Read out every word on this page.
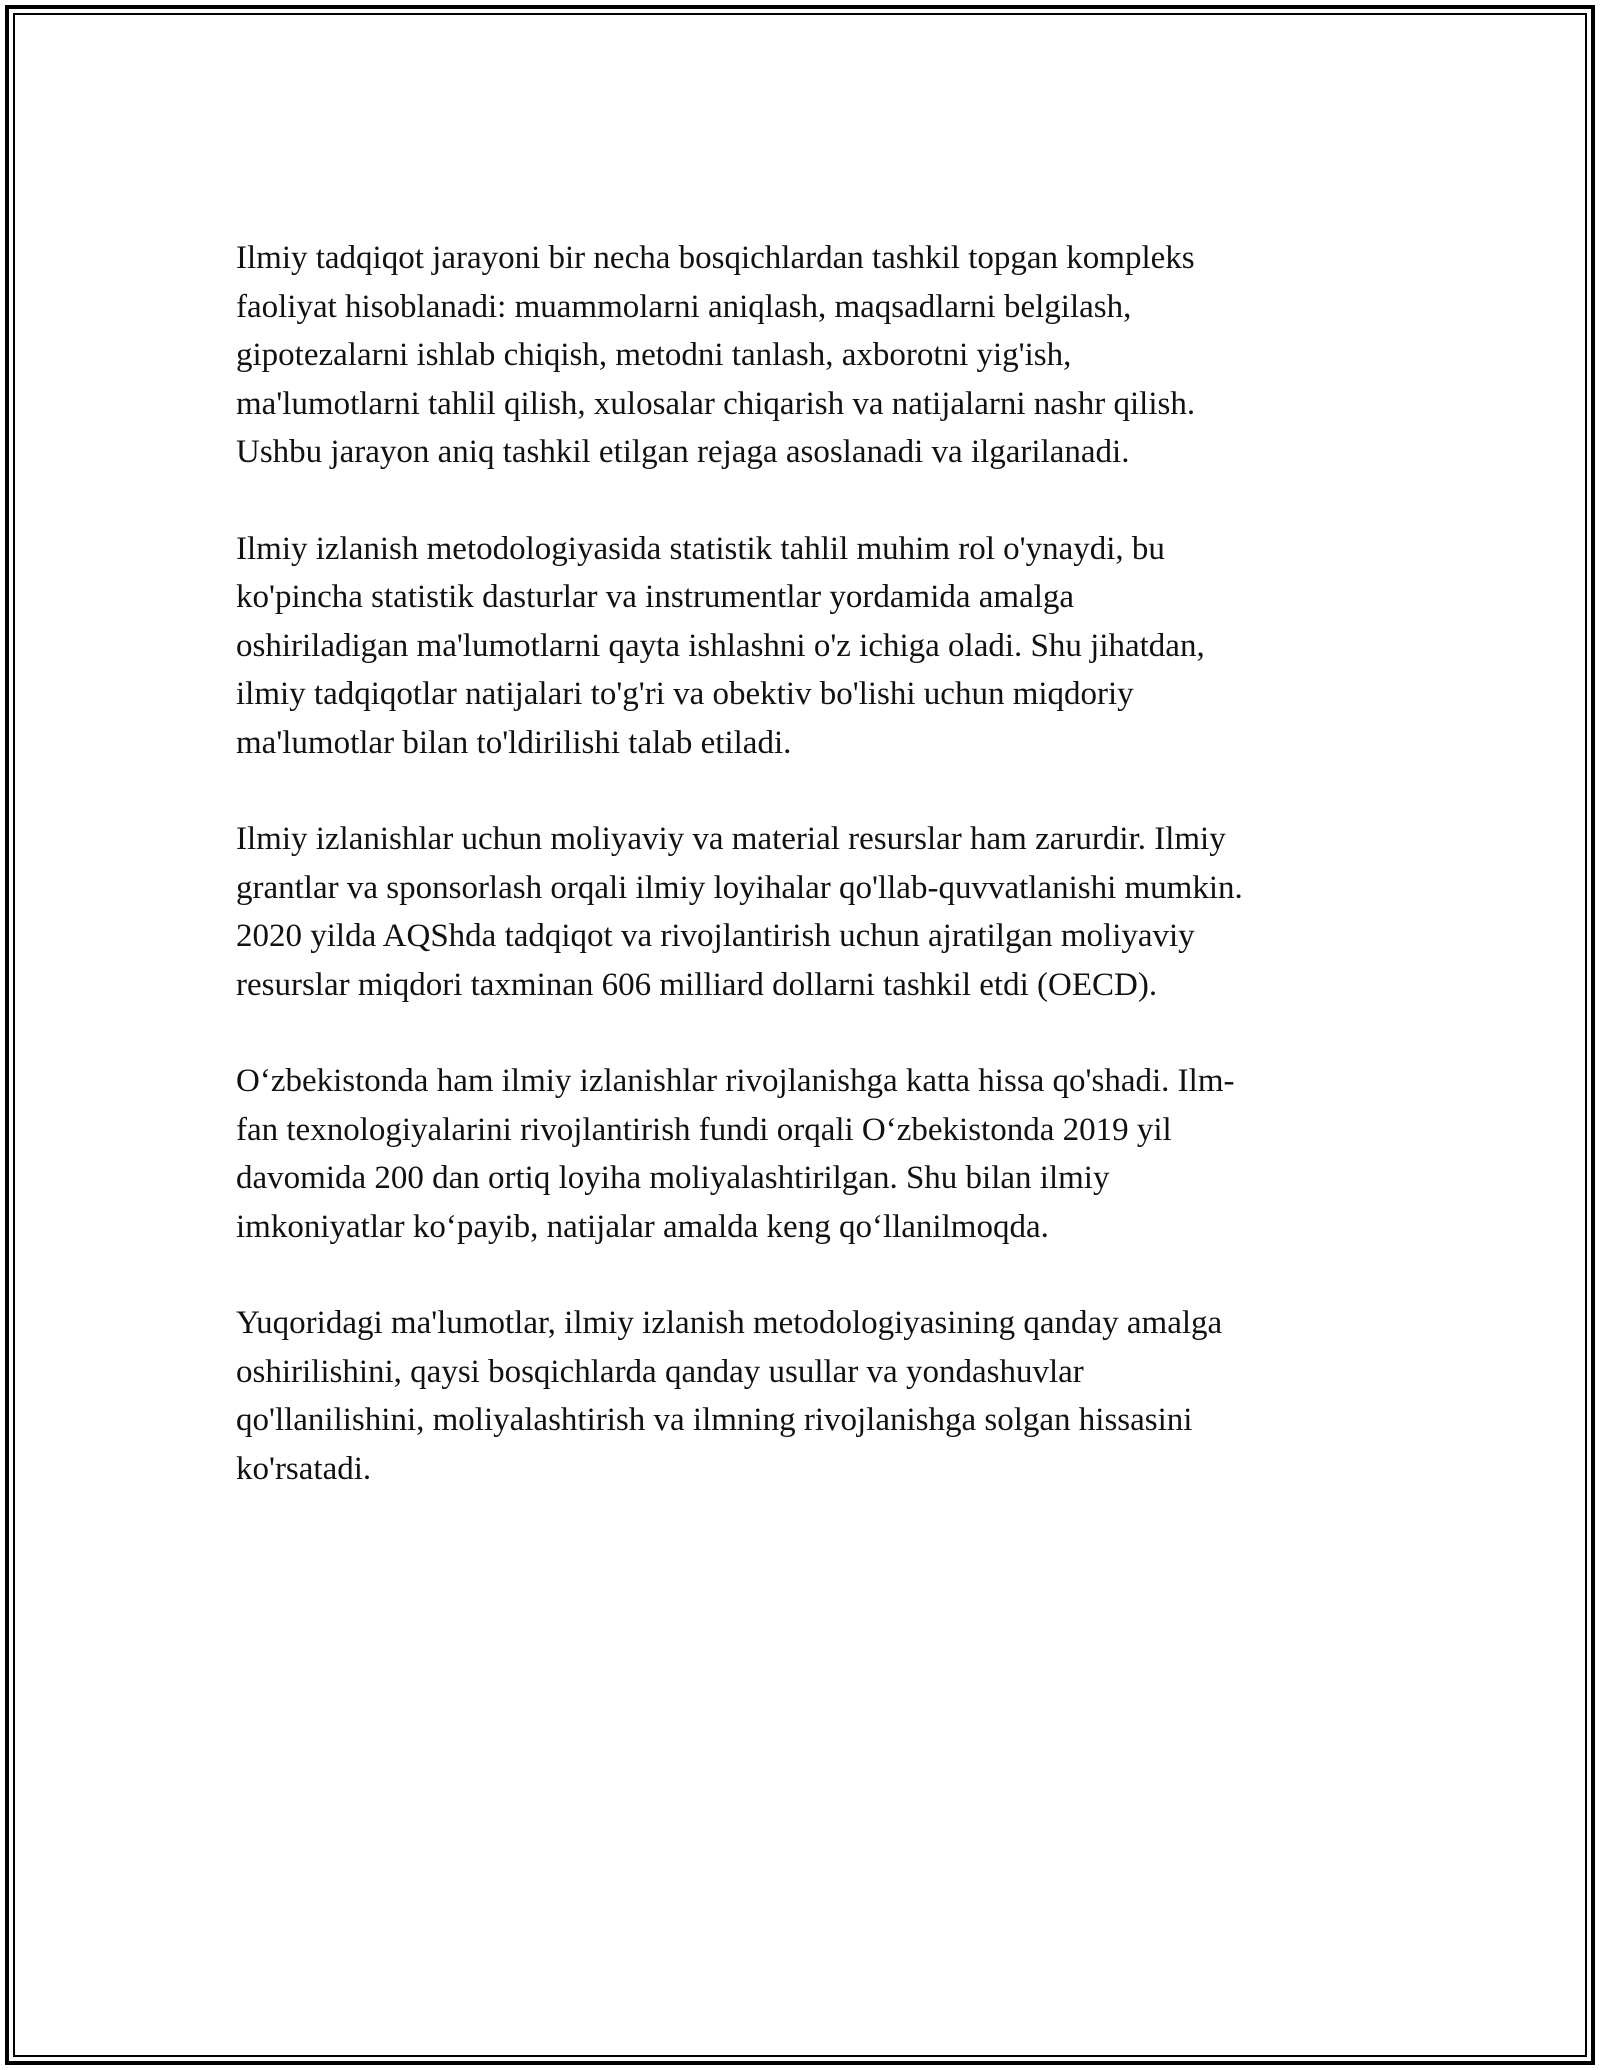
Ilmiy tadqiqot jarayoni bir necha bosqichlardan tashkil topgan kompleks
faoliyat hisoblanadi: muammolarni aniqlash, maqsadlarni belgilash,
gipotezalarni ishlab chiqish, metodni tanlash, axborotni yig'ish,
ma'lumotlarni tahlil qilish, xulosalar chiqarish va natijalarni nashr qilish.
Ushbu jarayon aniq tashkil etilgan rejaga asoslanadi va ilgarilanadi.

Ilmiy izlanish metodologiyasida statistik tahlil muhim rol o'ynaydi, bu
ko'pincha statistik dasturlar va instrumentlar yordamida amalga
oshiriladigan ma'lumotlarni qayta ishlashni o'z ichiga oladi. Shu jihatdan,
ilmiy tadqiqotlar natijalari to'g'ri va obektiv bo'lishi uchun miqdoriy
ma'lumotlar bilan to'ldirilishi talab etiladi.

Ilmiy izlanishlar uchun moliyaviy va material resurslar ham zarurdir. Ilmiy
grantlar va sponsorlash orqali ilmiy loyihalar qo'llab-quvvatlanishi mumkin.
2020 yilda AQShda tadqiqot va rivojlantirish uchun ajratilgan moliyaviy
resurslar miqdori taxminan 606 milliard dollarni tashkil etdi (OECD).

O‘zbekistonda ham ilmiy izlanishlar rivojlanishga katta hissa qo'shadi. Ilm-
fan texnologiyalarini rivojlantirish fundi orqali O‘zbekistonda 2019 yil
davomida 200 dan ortiq loyiha moliyalashtirilgan. Shu bilan ilmiy
imkoniyatlar ko‘payib, natijalar amalda keng qo‘llanilmoqda.

Yuqoridagi ma'lumotlar, ilmiy izlanish metodologiyasining qanday amalga
oshirilishini, qaysi bosqichlarda qanday usullar va yondashuvlar
qo'llanilishini, moliyalashtirish va ilmning rivojlanishga solgan hissasini
ko'rsatadi.
